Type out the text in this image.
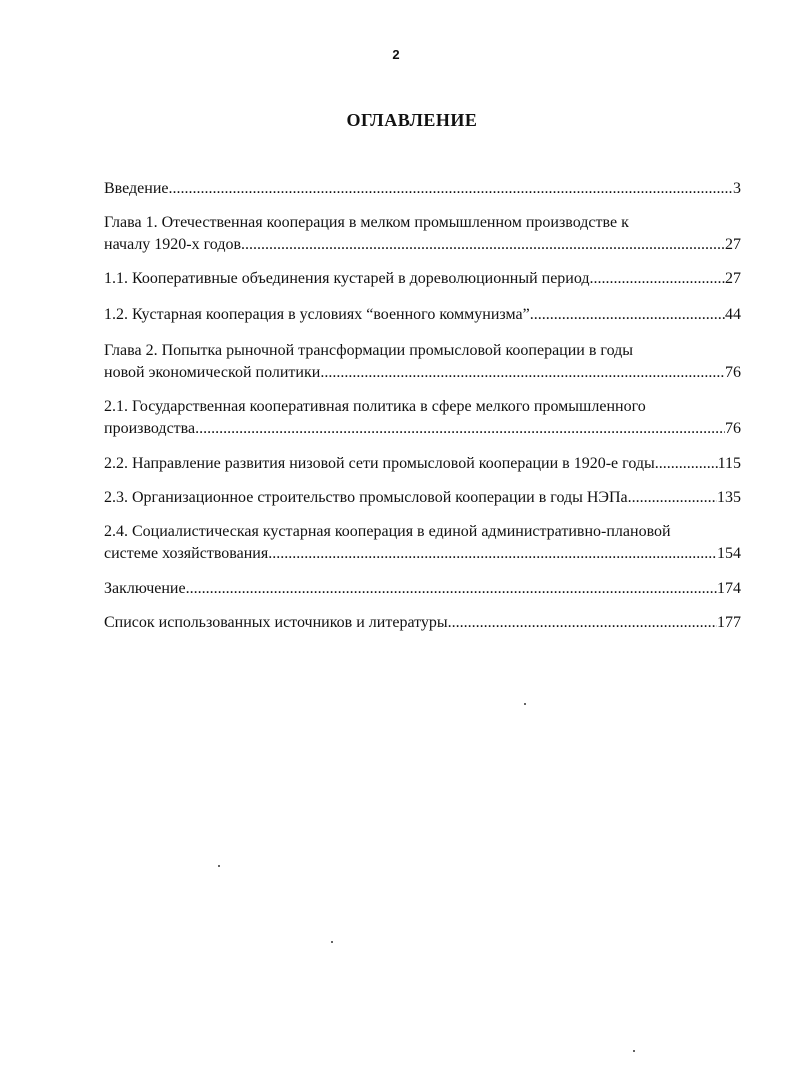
2
ОГЛАВЛЕНИЕ
Введение .....	3
Глава 1. Отечественная кооперация в мелком промышленном производстве к
началу 1920-х годов .....	27
1.1. Кооперативные объединения кустарей в дореволюционный период .....	27
1.2. Кустарная кооперация в условиях “военного коммунизма” .....	44
Глава 2. Попытка рыночной трансформации промысловой кооперации в годы
новой экономической политики .....	76
2.1. Государственная кооперативная политика в сфере мелкого промышленного
производства .....	76
2.2. Направление развития низовой сети промысловой кооперации в 1920-е годы .....	115
2.3. Организационное строительство промысловой кооперации в годы НЭПа .....	135
2.4. Социалистическая кустарная кооперация в единой административно-плановой
системе хозяйствования .....	154
Заключение .....	174
Список использованных источников и литературы .....	177
